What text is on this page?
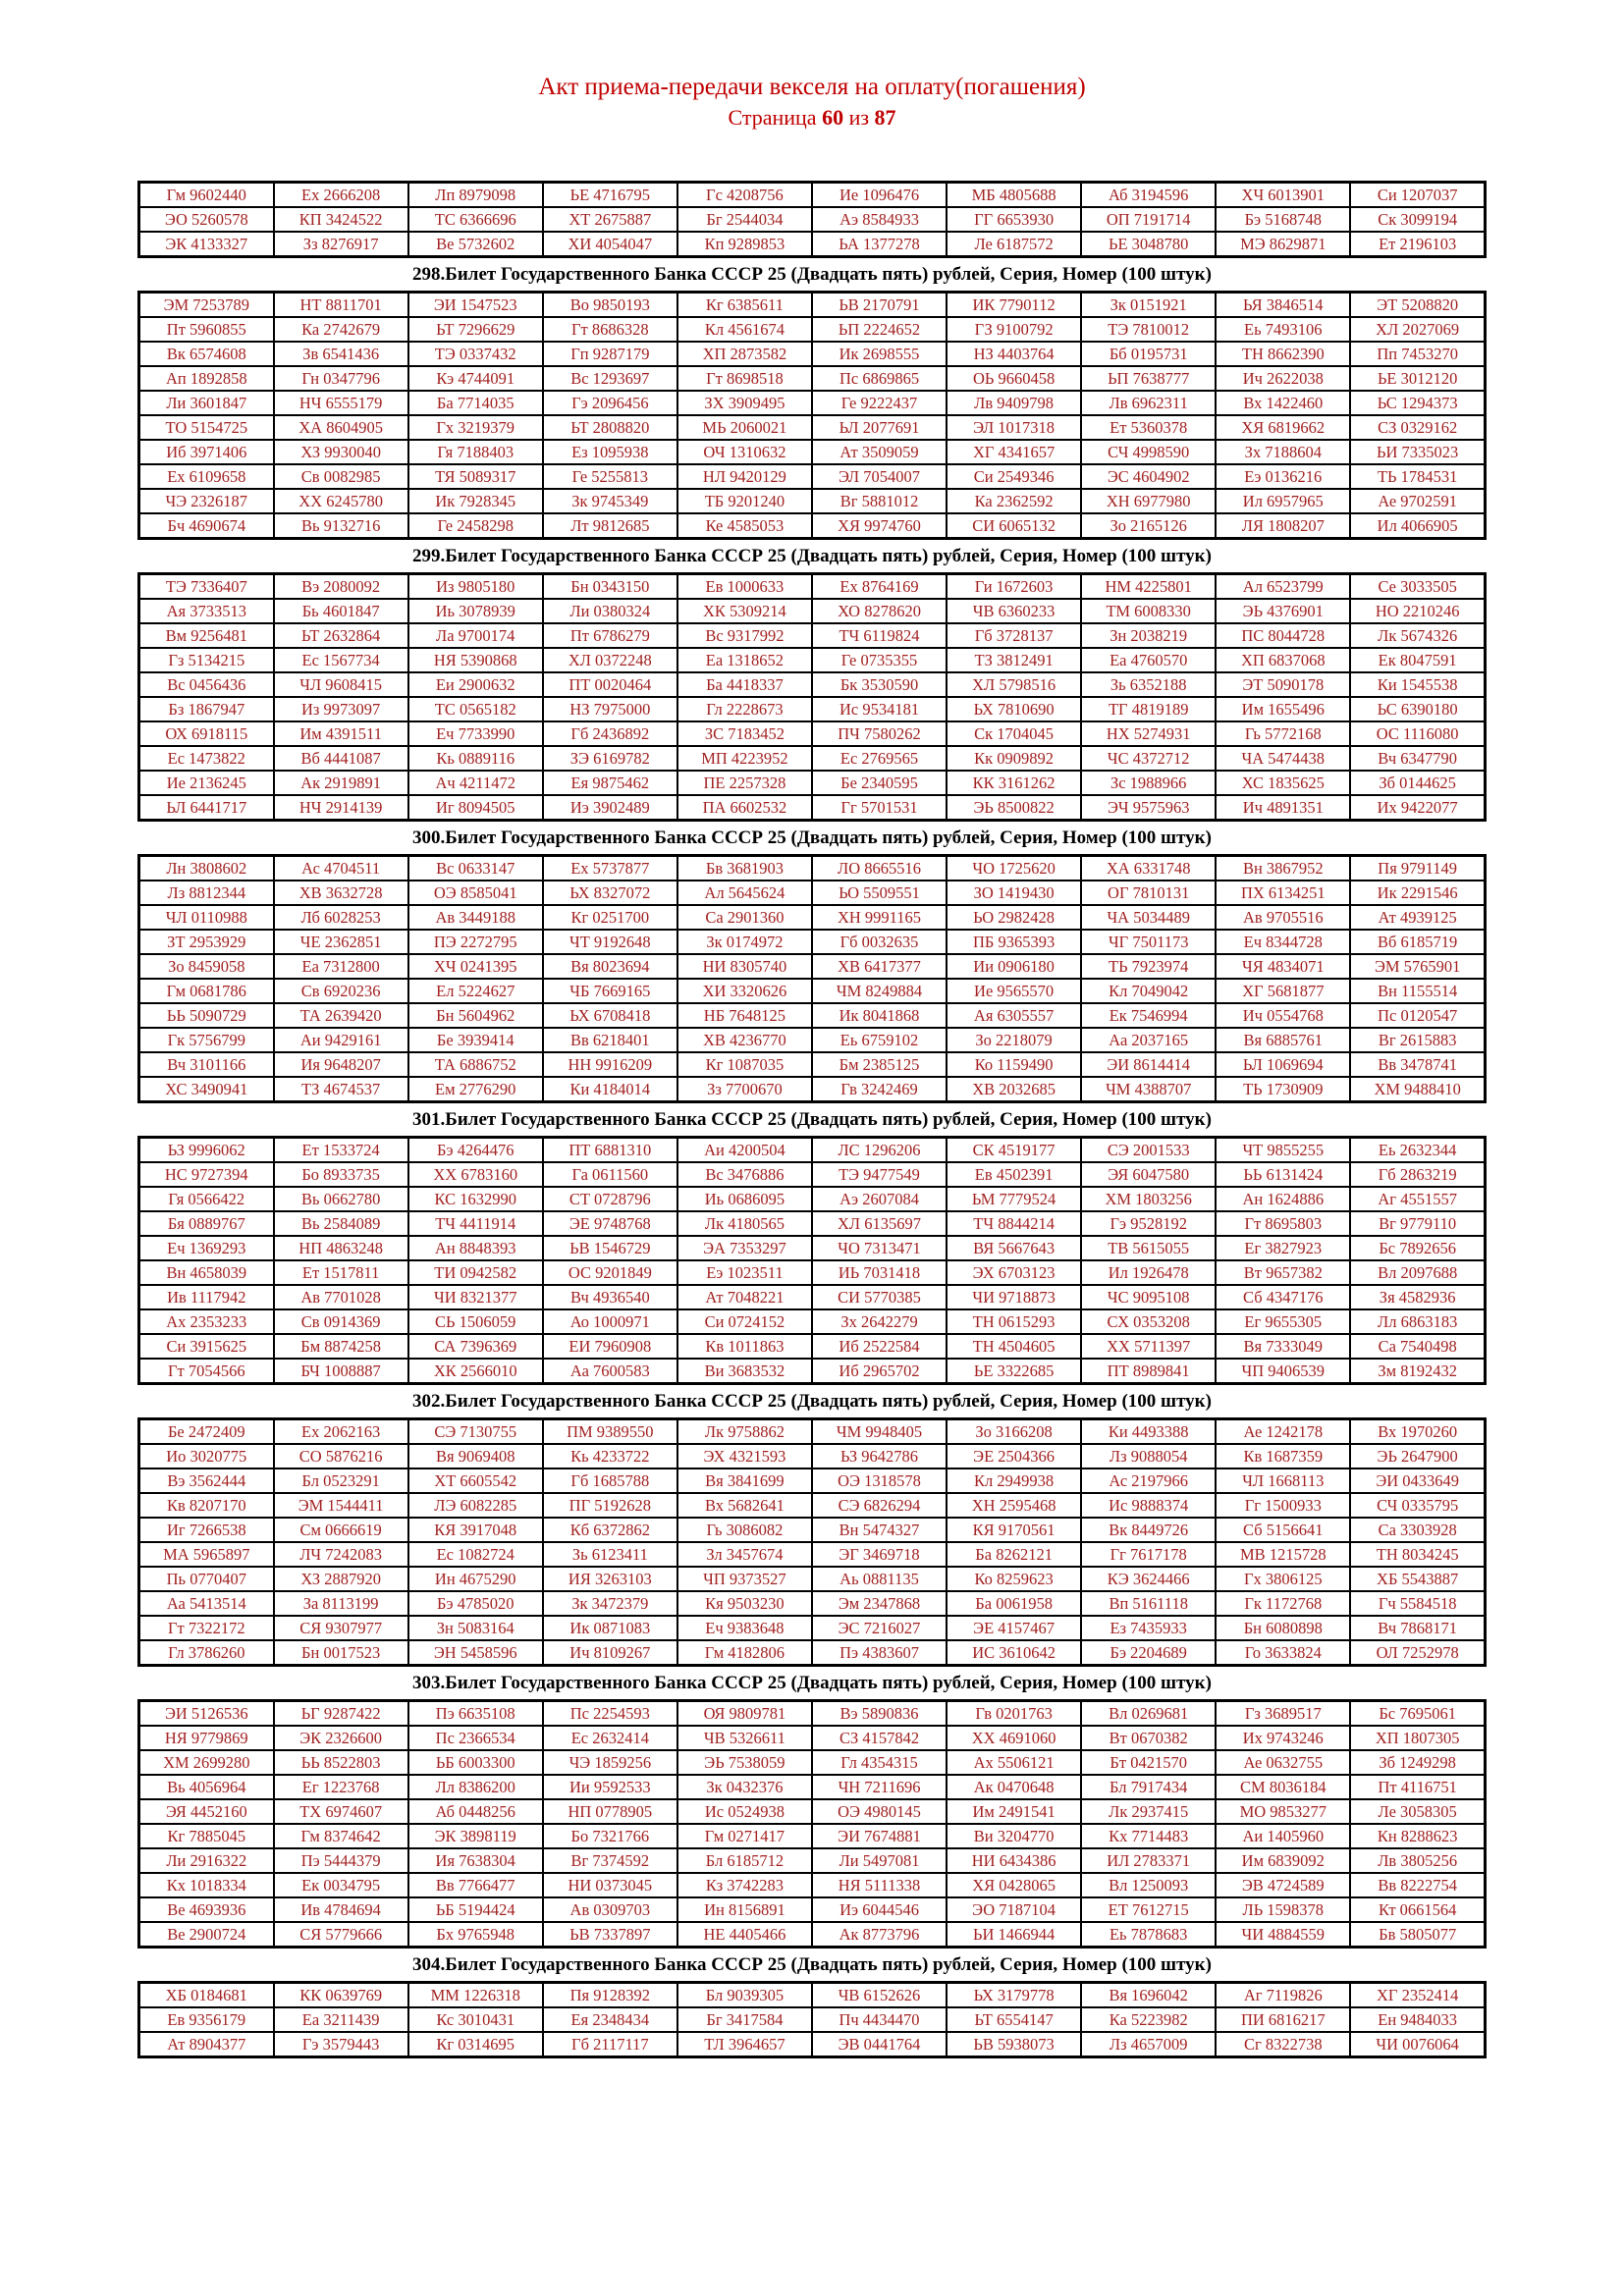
Акт приема-передачи векселя на оплату(погашения)
Страница 60 из 87
Гм 9602440	Ех 2666208	Лп 8979098	ЬЕ 4716795	Гс 4208756	Ие 1096476	МБ 4805688	Аб 3194596	ХЧ 6013901	Си 1207037
ЭО 5260578	КП 3424522	ТС 6366696	ХТ 2675887	Бг 2544034	Аэ 8584933	ГГ 6653930	ОП 7191714	Бэ 5168748	Ск 3099194
ЭК 4133327	Зз 8276917	Ве 5732602	ХИ 4054047	Кп 9289853	ЬА 1377278	Ле 6187572	ЬЕ 3048780	МЭ 8629871	Ет 2196103
298.Билет Государственного Банка СССР 25 (Двадцать пять) рублей, Серия, Номер (100 штук)
ЭМ 7253789	НТ 8811701	ЭИ 1547523	Во 9850193	Кг 6385611	ЬВ 2170791	ИК 7790112	Зк 0151921	ЬЯ 3846514	ЭТ 5208820
Пт 5960855	Ка 2742679	ЬТ 7296629	Гт 8686328	Кл 4561674	ЬП 2224652	ГЗ 9100792	ТЭ 7810012	Еь 7493106	ХЛ 2027069
Вк 6574608	Зв 6541436	ТЭ 0337432	Гп 9287179	ХП 2873582	Ик 2698555	НЗ 4403764	Бб 0195731	ТН 8662390	Пп 7453270
Ап 1892858	Гн 0347796	Кэ 4744091	Вс 1293697	Гт 8698518	Пс 6869865	ОЬ 9660458	ЬП 7638777	Ич 2622038	ЬЕ 3012120
Ли 3601847	НЧ 6555179	Ба 7714035	Гэ 2096456	ЗХ 3909495	Ге 9222437	Лв 9409798	Лв 6962311	Вх 1422460	ЬС 1294373
ТО 5154725	ХА 8604905	Гх 3219379	ЬТ 2808820	МЬ 2060021	ЬЛ 2077691	ЭЛ 1017318	Ет 5360378	ХЯ 6819662	СЗ 0329162
Иб 3971406	ХЗ 9930040	Гя 7188403	Ез 1095938	ОЧ 1310632	Ат 3509059	ХГ 4341657	СЧ 4998590	Зх 7188604	ЬИ 7335023
Ех 6109658	Св 0082985	ТЯ 5089317	Ге 5255813	НЛ 9420129	ЭЛ 7054007	Си 2549346	ЭС 4604902	Еэ 0136216	ТЬ 1784531
ЧЭ 2326187	ХХ 6245780	Ик 7928345	Зк 9745349	ТБ 9201240	Вг 5881012	Ка 2362592	ХН 6977980	Ил 6957965	Ае 9702591
Бч 4690674	Вь 9132716	Ге 2458298	Лт 9812685	Ке 4585053	ХЯ 9974760	СИ 6065132	Зо 2165126	ЛЯ 1808207	Ил 4066905
299.Билет Государственного Банка СССР 25 (Двадцать пять) рублей, Серия, Номер (100 штук)
ТЭ 7336407	Вэ 2080092	Из 9805180	Бн 0343150	Ев 1000633	Ех 8764169	Ги 1672603	НМ 4225801	Ал 6523799	Се 3033505
Ая 3733513	Бь 4601847	Иь 3078939	Ли 0380324	ХК 5309214	ХО 8278620	ЧВ 6360233	ТМ 6008330	ЭЬ 4376901	НО 2210246
Вм 9256481	ЬТ 2632864	Ла 9700174	Пт 6786279	Вс 9317992	ТЧ 6119824	Гб 3728137	Зн 2038219	ПС 8044728	Лк 5674326
Гз 5134215	Ес 1567734	НЯ 5390868	ХЛ 0372248	Еа 1318652	Ге 0735355	ТЗ 3812491	Еа 4760570	ХП 6837068	Ек 8047591
Вс 0456436	ЧЛ 9608415	Еи 2900632	ПТ 0020464	Ба 4418337	Бк 3530590	ХЛ 5798516	Зь 6352188	ЭТ 5090178	Ки 1545538
Бз 1867947	Из 9973097	ТС 0565182	НЗ 7975000	Гл 2228673	Ис 9534181	ЬХ 7810690	ТГ 4819189	Им 1655496	ЬС 6390180
ОХ 6918115	Им 4391511	Еч 7733990	Гб 2436892	ЗС 7183452	ПЧ 7580262	Ск 1704045	НХ 5274931	Гь 5772168	ОС 1116080
Ес 1473822	Вб 4441087	Кь 0889116	ЗЭ 6169782	МП 4223952	Ес 2769565	Кк 0909892	ЧС 4372712	ЧА 5474438	Вч 6347790
Ие 2136245	Ак 2919891	Ач 4211472	Ея 9875462	ПЕ 2257328	Бе 2340595	КК 3161262	Зс 1988966	ХС 1835625	Зб 0144625
ЬЛ 6441717	НЧ 2914139	Иг 8094505	Иэ 3902489	ПА 6602532	Гг 5701531	ЭЬ 8500822	ЭЧ 9575963	Ич 4891351	Их 9422077
300.Билет Государственного Банка СССР 25 (Двадцать пять) рублей, Серия, Номер (100 штук)
Лн 3808602	Ас 4704511	Вс 0633147	Ех 5737877	Бв 3681903	ЛО 8665516	ЧО 1725620	ХА 6331748	Вн 3867952	Пя 9791149
Лз 8812344	ХВ 3632728	ОЭ 8585041	ЬХ 8327072	Ал 5645624	ЬО 5509551	ЗО 1419430	ОГ 7810131	ПХ 6134251	Ик 2291546
ЧЛ 0110988	Лб 6028253	Ав 3449188	Кг 0251700	Са 2901360	ХН 9991165	ЬО 2982428	ЧА 5034489	Ав 9705516	Ат 4939125
ЗТ 2953929	ЧЕ 2362851	ПЭ 2272795	ЧТ 9192648	Зк 0174972	Гб 0032635	ПБ 9365393	ЧГ 7501173	Еч 8344728	Вб 6185719
Зо 8459058	Еа 7312800	ХЧ 0241395	Вя 8023694	НИ 8305740	ХВ 6417377	Ии 0906180	ТЬ 7923974	ЧЯ 4834071	ЭМ 5765901
Гм 0681786	Св 6920236	Ел 5224627	ЧБ 7669165	ХИ 3320626	ЧМ 8249884	Ие 9565570	Кл 7049042	ХГ 5681877	Вн 1155514
ЬЬ 5090729	ТА 2639420	Бн 5604962	ЬХ 6708418	НБ 7648125	Ик 8041868	Ая 6305557	Ек 7546994	Ич 0554768	Пс 0120547
Гк 5756799	Аи 9429161	Бе 3939414	Вв 6218401	ХВ 4236770	Еь 6759102	Зо 2218079	Аа 2037165	Вя 6885761	Вг 2615883
Вч 3101166	Ия 9648207	ТА 6886752	НН 9916209	Кг 1087035	Бм 2385125	Ко 1159490	ЭИ 8614414	ЬЛ 1069694	Вв 3478741
ХС 3490941	ТЗ 4674537	Ем 2776290	Ки 4184014	Зз 7700670	Гв 3242469	ХВ 2032685	ЧМ 4388707	ТЬ 1730909	ХМ 9488410
301.Билет Государственного Банка СССР 25 (Двадцать пять) рублей, Серия, Номер (100 штук)
ЬЗ 9996062	Ет 1533724	Бэ 4264476	ПТ 6881310	Аи 4200504	ЛС 1296206	СК 4519177	СЭ 2001533	ЧТ 9855255	Еь 2632344
НС 9727394	Бо 8933735	ХХ 6783160	Га 0611560	Вс 3476886	ТЭ 9477549	Ев 4502391	ЭЯ 6047580	ЬЬ 6131424	Гб 2863219
Гя 0566422	Вь 0662780	КС 1632990	СТ 0728796	Иь 0686095	Аэ 2607084	ЬМ 7779524	ХМ 1803256	Ан 1624886	Аг 4551557
Бя 0889767	Вь 2584089	ТЧ 4411914	ЭЕ 9748768	Лк 4180565	ХЛ 6135697	ТЧ 8844214	Гэ 9528192	Гт 8695803	Вг 9779110
Еч 1369293	НП 4863248	Ан 8848393	ЬВ 1546729	ЭА 7353297	ЧО 7313471	ВЯ 5667643	ТВ 5615055	Ег 3827923	Бс 7892656
Вн 4658039	Ет 1517811	ТИ 0942582	ОС 9201849	Еэ 1023511	ИЬ 7031418	ЭХ 6703123	Ил 1926478	Вт 9657382	Вл 2097688
Ив 1117942	Ав 7701028	ЧИ 8321377	Вч 4936540	Ат 7048221	СИ 5770385	ЧИ 9718873	ЧС 9095108	Сб 4347176	Зя 4582936
Ах 2353233	Св 0914369	СЬ 1506059	Ао 1000971	Си 0724152	Зх 2642279	ТН 0615293	СХ 0353208	Ег 9655305	Лл 6863183
Си 3915625	Бм 8874258	СА 7396369	ЕИ 7960908	Кв 1011863	Иб 2522584	ТН 4504605	ХХ 5711397	Вя 7333049	Са 7540498
Гт 7054566	БЧ 1008887	ХК 2566010	Аа 7600583	Ви 3683532	Иб 2965702	ЬЕ 3322685	ПТ 8989841	ЧП 9406539	Зм 8192432
302.Билет Государственного Банка СССР 25 (Двадцать пять) рублей, Серия, Номер (100 штук)
Бе 2472409	Ех 2062163	СЭ 7130755	ПМ 9389550	Лк 9758862	ЧМ 9948405	Зо 3166208	Ки 4493388	Ае 1242178	Вх 1970260
Ио 3020775	СО 5876216	Вя 9069408	Кь 4233722	ЭХ 4321593	ЬЗ 9642786	ЭЕ 2504366	Лз 9088054	Кв 1687359	ЭЬ 2647900
Вэ 3562444	Бл 0523291	ХТ 6605542	Гб 1685788	Вя 3841699	ОЭ 1318578	Кл 2949938	Ас 2197966	ЧЛ 1668113	ЭИ 0433649
Кв 8207170	ЭМ 1544411	ЛЭ 6082285	ПГ 5192628	Вх 5682641	СЭ 6826294	ХН 2595468	Ис 9888374	Гг 1500933	СЧ 0335795
Иг 7266538	См 0666619	КЯ 3917048	Кб 6372862	Гь 3086082	Вн 5474327	КЯ 9170561	Вк 8449726	Сб 5156641	Са 3303928
МА 5965897	ЛЧ 7242083	Ес 1082724	Зь 6123411	Зл 3457674	ЭГ 3469718	Ба 8262121	Гг 7617178	МВ 1215728	ТН 8034245
Пь 0770407	ХЗ 2887920	Ин 4675290	ИЯ 3263103	ЧП 9373527	Аь 0881135	Ко 8259623	КЭ 3624466	Гх 3806125	ХБ 5543887
Аа 5413514	За 8113199	Бэ 4785020	Зк 3472379	Кя 9503230	Эм 2347868	Ба 0061958	Вп 5161118	Гк 1172768	Гч 5584518
Гт 7322172	СЯ 9307977	Зн 5083164	Ик 0871083	Еч 9383648	ЭС 7216027	ЭЕ 4157467	Ез 7435933	Бн 6080898	Вч 7868171
Гл 3786260	Бн 0017523	ЭН 5458596	Ич 8109267	Гм 4182806	Пэ 4383607	ИС 3610642	Бэ 2204689	Го 3633824	ОЛ 7252978
303.Билет Государственного Банка СССР 25 (Двадцать пять) рублей, Серия, Номер (100 штук)
ЭИ 5126536	ЬГ 9287422	Пэ 6635108	Пс 2254593	ОЯ 9809781	Вэ 5890836	Гв 0201763	Вл 0269681	Гз 3689517	Бс 7695061
НЯ 9779869	ЭК 2326600	Пс 2366534	Ес 2632414	ЧВ 5326611	СЗ 4157842	ХХ 4691060	Вт 0670382	Их 9743246	ХП 1807305
ХМ 2699280	ЬЬ 8522803	ЬБ 6003300	ЧЭ 1859256	ЭЬ 7538059	Гл 4354315	Ах 5506121	Бт 0421570	Ае 0632755	Зб 1249298
Вь 4056964	Ег 1223768	Лл 8386200	Ии 9592533	Зк 0432376	ЧН 7211696	Ак 0470648	Бл 7917434	СМ 8036184	Пт 4116751
ЭЯ 4452160	ТХ 6974607	Аб 0448256	НП 0778905	Ис 0524938	ОЭ 4980145	Им 2491541	Лк 2937415	МО 9853277	Ле 3058305
Кг 7885045	Гм 8374642	ЭК 3898119	Бо 7321766	Гм 0271417	ЭИ 7674881	Ви 3204770	Кх 7714483	Аи 1405960	Кн 8288623
Ли 2916322	Пэ 5444379	Ия 7638304	Вг 7374592	Бл 6185712	Ли 5497081	НИ 6434386	ИЛ 2783371	Им 6839092	Лв 3805256
Кх 1018334	Ек 0034795	Вв 7766477	НИ 0373045	Кз 3742283	НЯ 5111338	ХЯ 0428065	Вл 1250093	ЭВ 4724589	Вв 8222754
Ве 4693936	Ив 4784694	ЬБ 5194424	Ав 0309703	Ин 8156891	Иэ 6044546	ЭО 7187104	ЕТ 7612715	ЛЬ 1598378	Кт 0661564
Ве 2900724	СЯ 5779666	Бх 9765948	ЬВ 7337897	НЕ 4405466	Ак 8773796	ЬИ 1466944	Еь 7878683	ЧИ 4884559	Бв 5805077
304.Билет Государственного Банка СССР 25 (Двадцать пять) рублей, Серия, Номер (100 штук)
ХБ 0184681	КК 0639769	ММ 1226318	Пя 9128392	Бл 9039305	ЧВ 6152626	ЬХ 3179778	Вя 1696042	Аг 7119826	ХГ 2352414
Ев 9356179	Еа 3211439	Кс 3010431	Ея 2348434	Бг 3417584	Пч 4434470	ЬТ 6554147	Ка 5223982	ПИ 6816217	Ен 9484033
Ат 8904377	Гэ 3579443	Кг 0314695	Гб 2117117	ТЛ 3964657	ЭВ 0441764	ЬВ 5938073	Лз 4657009	Сг 8322738	ЧИ 0076064
